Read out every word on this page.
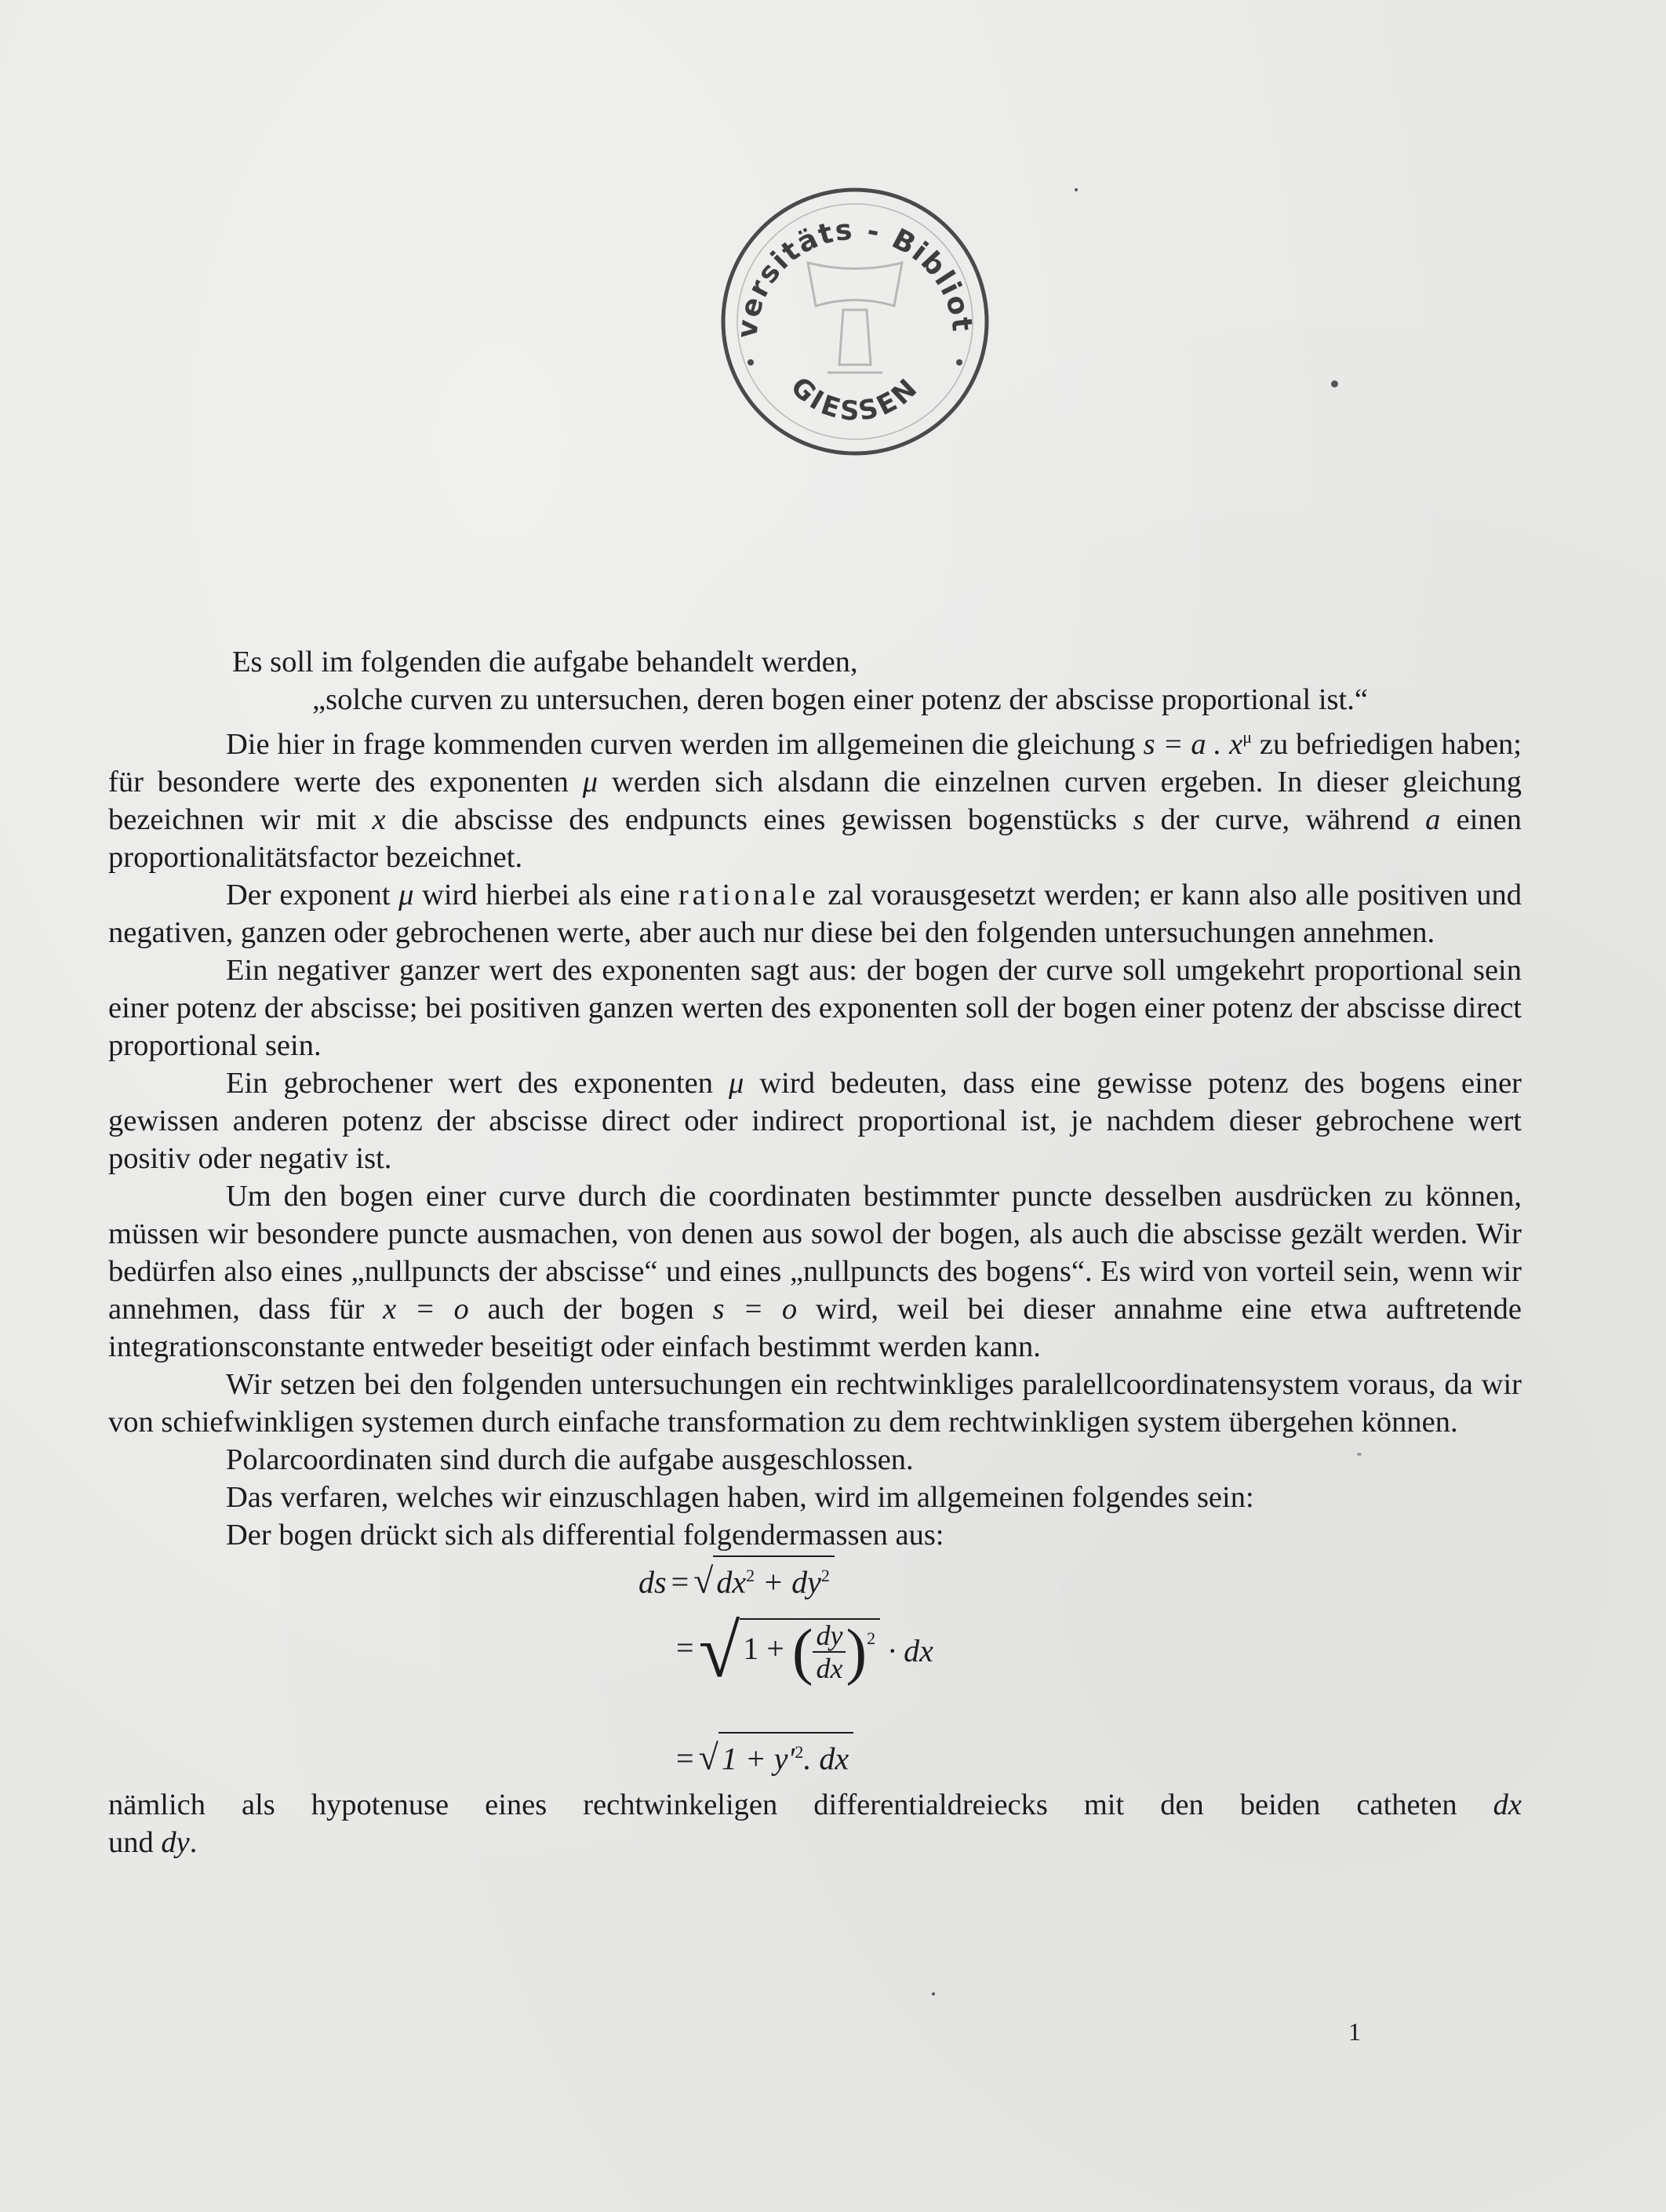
versitäts - Bibliot
GIESSEN

Es soll im folgenden die aufgabe behandelt werden,

„solche curven zu untersuchen, deren bogen einer potenz der abscisse proportional ist.“

Die hier in frage kommenden curven werden im allgemeinen die gleichung s = a . $x^\mu$ zu befriedigen haben; für besondere werte des exponenten μ werden sich alsdann die einzelnen curven ergeben. In dieser gleichung bezeichnen wir mit x die abscisse des endpuncts eines gewissen bogenstücks s der curve, während a einen proportionalitätsfactor bezeichnet.

Der exponent μ wird hierbei als eine rationale zal vorausgesetzt werden; er kann also alle positiven und negativen, ganzen oder gebrochenen werte, aber auch nur diese bei den folgenden untersuchungen annehmen.

Ein negativer ganzer wert des exponenten sagt aus: der bogen der curve soll umgekehrt proportional sein einer potenz der abscisse; bei positiven ganzen werten des exponenten soll der bogen einer potenz der abscisse direct proportional sein.

Ein gebrochener wert des exponenten μ wird bedeuten, dass eine gewisse potenz des bogens einer gewissen anderen potenz der abscisse direct oder indirect proportional ist, je nachdem dieser gebrochene wert positiv oder negativ ist.

Um den bogen einer curve durch die coordinaten bestimmter puncte desselben ausdrücken zu können, müssen wir besondere puncte ausmachen, von denen aus sowol der bogen, als auch die abscisse gezält werden. Wir bedürfen also eines „nullpuncts der abscisse“ und eines „nullpuncts des bogens“. Es wird von vorteil sein, wenn wir annehmen, dass für x = o auch der bogen s = o wird, weil bei dieser annahme eine etwa auftretende integrationsconstante entweder beseitigt oder einfach bestimmt werden kann.

Wir setzen bei den folgenden untersuchungen ein rechtwinkliges paralellcoordinatensystem voraus, da wir von schiefwinkligen systemen durch einfache transformation zu dem rechtwinkligen system übergehen können.

Polarcoordinaten sind durch die aufgabe ausgeschlossen.

Das verfaren, welches wir einzuschlagen haben, wird im allgemeinen folgendes sein:

Der bogen drückt sich als differential folgendermassen aus:

ds = √ $dx^2 + dy^2$
=√ 1 + ( $\frac{dy}{dx} )^2$ · dx
= √ $1 + y'^2$. dx

nämlich als hypotenuse eines rechtwinkeligen differentialdreiecks mit den beiden catheten dx

und dy.

1
